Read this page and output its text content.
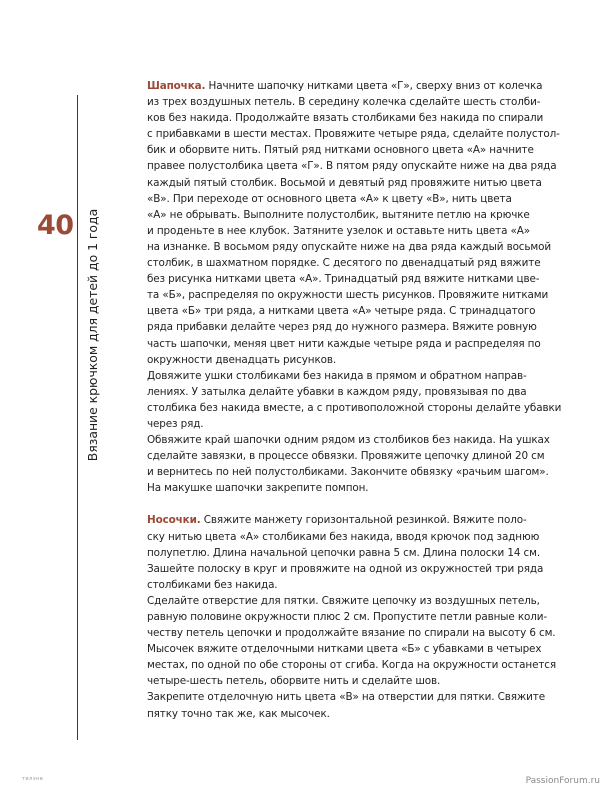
40 Вязание крючком для детей до 1 года
Шапочка. Начните шапочку нитками цвета «Г», сверху вниз от колечка
из трех воздушных петель. В середину колечка сделайте шесть столби-
ков без накида. Продолжайте вязать столбиками без накида по спирали
с прибавками в шести местах. Провяжите четыре ряда, сделайте полустол-
бик и оборвите нить. Пятый ряд нитками основного цвета «А» начните
правее полустолбика цвета «Г». В пятом ряду опускайте ниже на два ряда
каждый пятый столбик. Восьмой и девятый ряд провяжите нитью цвета
«В». При переходе от основного цвета «А» к цвету «В», нить цвета
«А» не обрывать. Выполните полустолбик, вытяните петлю на крючке
и проденьте в нее клубок. Затяните узелок и оставьте нить цвета «А»
на изнанке. В восьмом ряду опускайте ниже на два ряда каждый восьмой
столбик, в шахматном порядке. С десятого по двенадцатый ряд вяжите
без рисунка нитками цвета «А». Тринадцатый ряд вяжите нитками цве-
та «Б», распределяя по окружности шесть рисунков. Провяжите нитками
цвета «Б» три ряда, а нитками цвета «А» четыре ряда. С тринадцатого
ряда прибавки делайте через ряд до нужного размера. Вяжите ровную
часть шапочки, меняя цвет нити каждые четыре ряда и распределяя по
окружности двенадцать рисунков.
Довяжите ушки столбиками без накида в прямом и обратном направ-
лениях. У затылка делайте убавки в каждом ряду, провязывая по два
столбика без накида вместе, а с противоположной стороны делайте убавки
через ряд.
Обвяжите край шапочки одним рядом из столбиков без накида. На ушках
сделайте завязки, в процессе обвязки. Провяжите цепочку длиной 20 см
и вернитесь по ней полустолбиками. Закончите обвязку «рачьим шагом».
На макушке шапочки закрепите помпон.
Носочки. Свяжите манжету горизонтальной резинкой. Вяжите поло-
ску нитью цвета «А» столбиками без накида, вводя крючок под заднюю
полупетлю. Длина начальной цепочки равна 5 см. Длина полоски 14 см.
Зашейте полоску в круг и провяжите на одной из окружностей три ряда
столбиками без накида.
Сделайте отверстие для пятки. Свяжите цепочку из воздушных петель,
равную половине окружности плюс 2 см. Пропустите петли равные коли-
честву петель цепочки и продолжайте вязание по спирали на высоту 6 см.
Мысочек вяжите отделочными нитками цвета «Б» с убавками в четырех
местах, по одной по обе стороны от сгиба. Когда на окружности останется
четыре-шесть петель, оборвите нить и сделайте шов.
Закрепите отделочную нить цвета «В» на отверстии для пятки. Свяжите
пятку точно так же, как мысочек.
тилэнв	PassionForum.ru
